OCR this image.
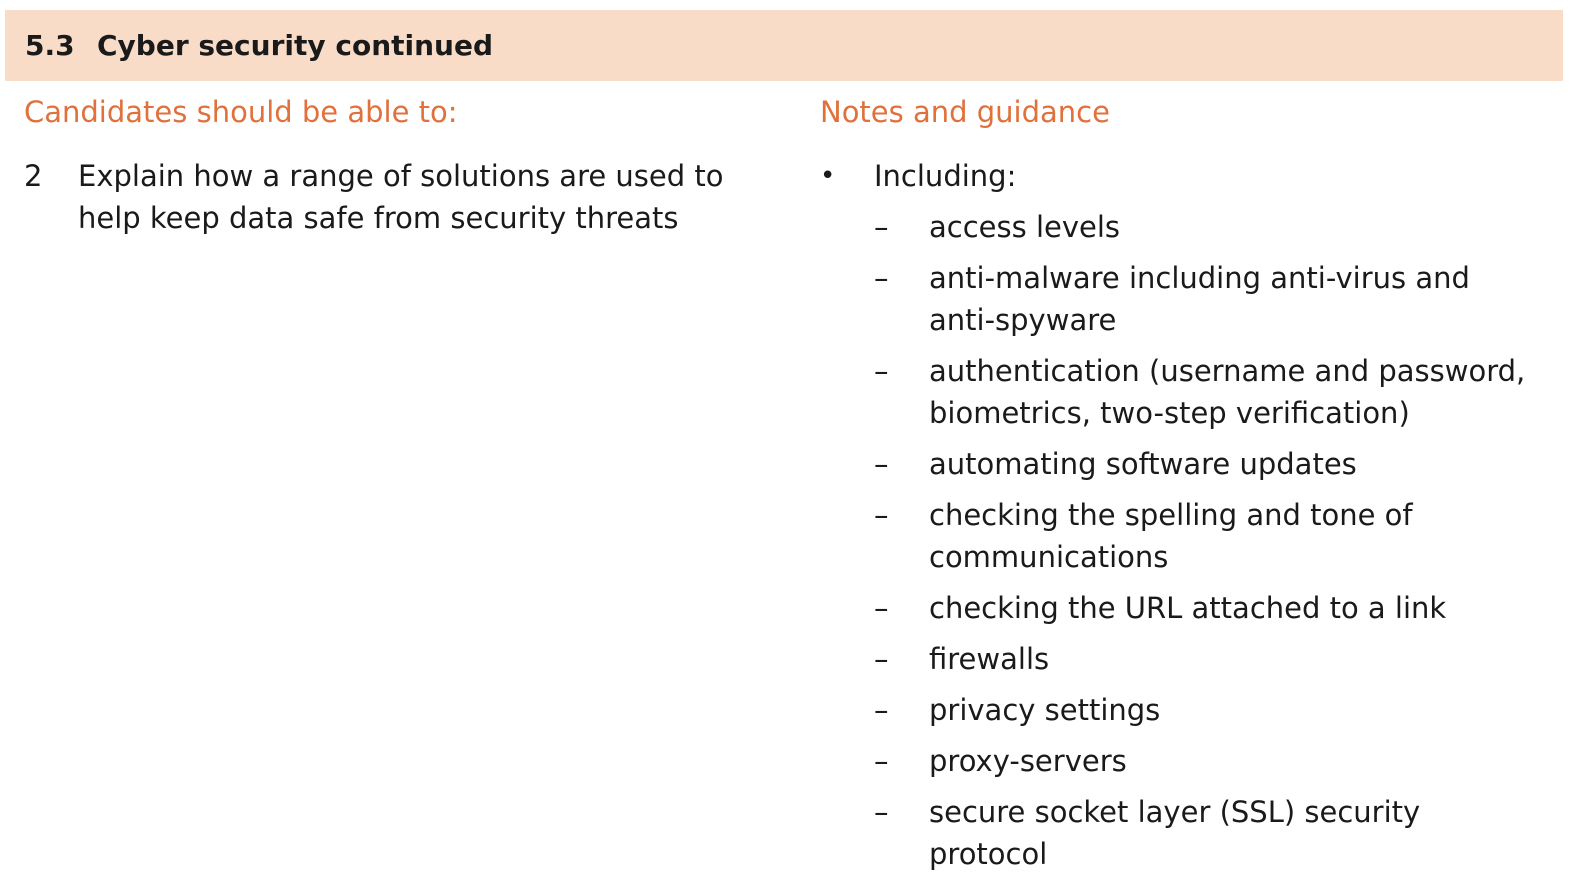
5.3 Cyber security continued
Candidates should be able to:	Notes and guidance
2	Explain how a range of solutions are used to help keep data safe from security threats
•	Including:
–	access levels
–	anti-malware including anti-virus and anti-spyware
–	authentication (username and password, biometrics, two-step verification)
–	automating software updates
–	checking the spelling and tone of communications
–	checking the URL attached to a link
–	firewalls
–	privacy settings
–	proxy-servers
–	secure socket layer (SSL) security protocol
